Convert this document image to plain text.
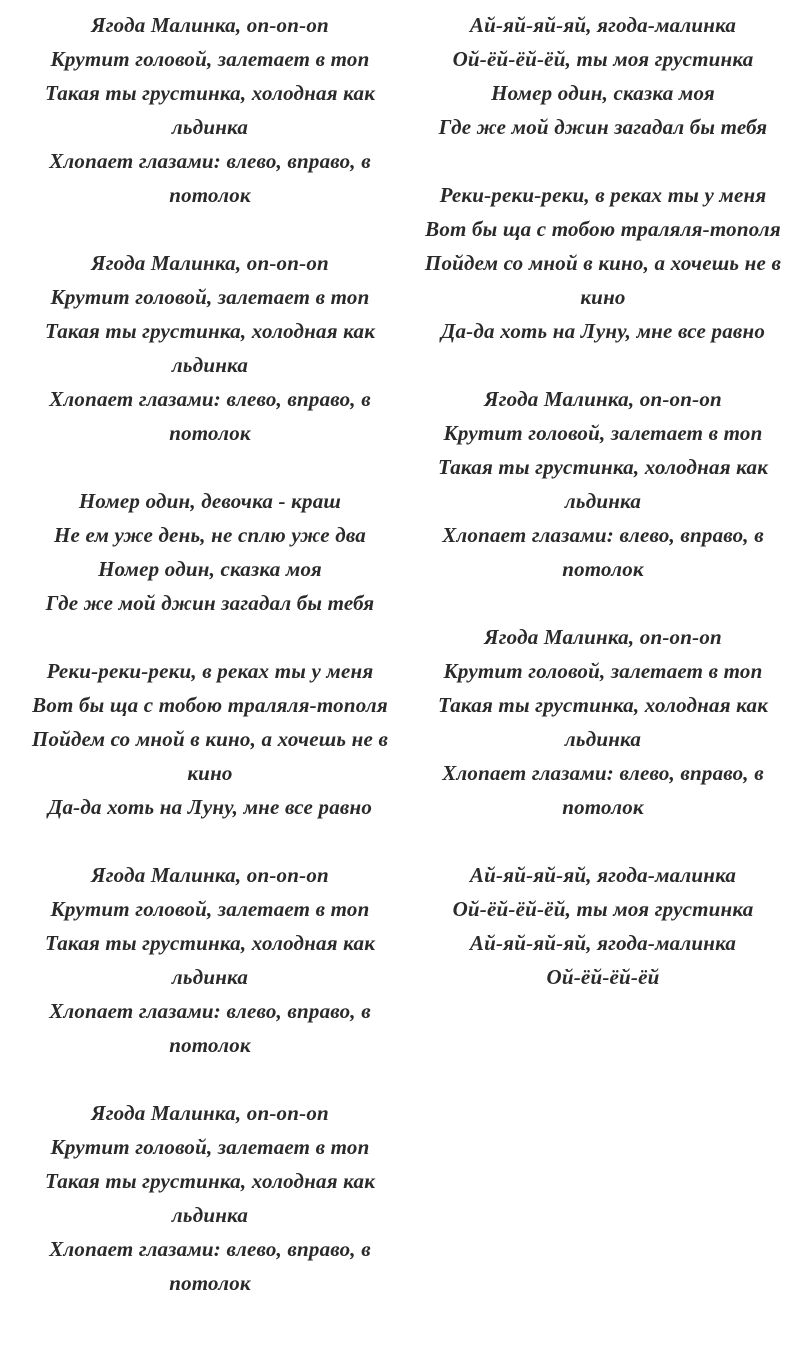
Ягода Малинка, оп-оп-оп
Крутит головой, залетает в топ
Такая ты грустинка, холодная как льдинка
Хлопает глазами: влево, вправо, в потолок
Ягода Малинка, оп-оп-оп
Крутит головой, залетает в топ
Такая ты грустинка, холодная как льдинка
Хлопает глазами: влево, вправо, в потолок
Номер один, девочка - краш
Не ем уже день, не сплю уже два
Номер один, сказка моя
Где же мой джин загадал бы тебя
Реки-реки-реки, в реках ты у меня
Вот бы ща с тобою траляля-тополя
Пойдем со мной в кино, а хочешь не в кино
Да-да хоть на Луну, мне все равно
Ягода Малинка, оп-оп-оп
Крутит головой, залетает в топ
Такая ты грустинка, холодная как льдинка
Хлопает глазами: влево, вправо, в потолок
Ягода Малинка, оп-оп-оп
Крутит головой, залетает в топ
Такая ты грустинка, холодная как льдинка
Хлопает глазами: влево, вправо, в потолок
Ай-яй-яй-яй, ягода-малинка
Ой-ёй-ёй-ёй, ты моя грустинка
Номер один, сказка моя
Где же мой джин загадал бы тебя
Реки-реки-реки, в реках ты у меня
Вот бы ща с тобою траляля-тополя
Пойдем со мной в кино, а хочешь не в кино
Да-да хоть на Луну, мне все равно
Ягода Малинка, оп-оп-оп
Крутит головой, залетает в топ
Такая ты грустинка, холодная как льдинка
Хлопает глазами: влево, вправо, в потолок
Ягода Малинка, оп-оп-оп
Крутит головой, залетает в топ
Такая ты грустинка, холодная как льдинка
Хлопает глазами: влево, вправо, в потолок
Ай-яй-яй-яй, ягода-малинка
Ой-ёй-ёй-ёй, ты моя грустинка
Ай-яй-яй-яй, ягода-малинка
Ой-ёй-ёй-ёй
